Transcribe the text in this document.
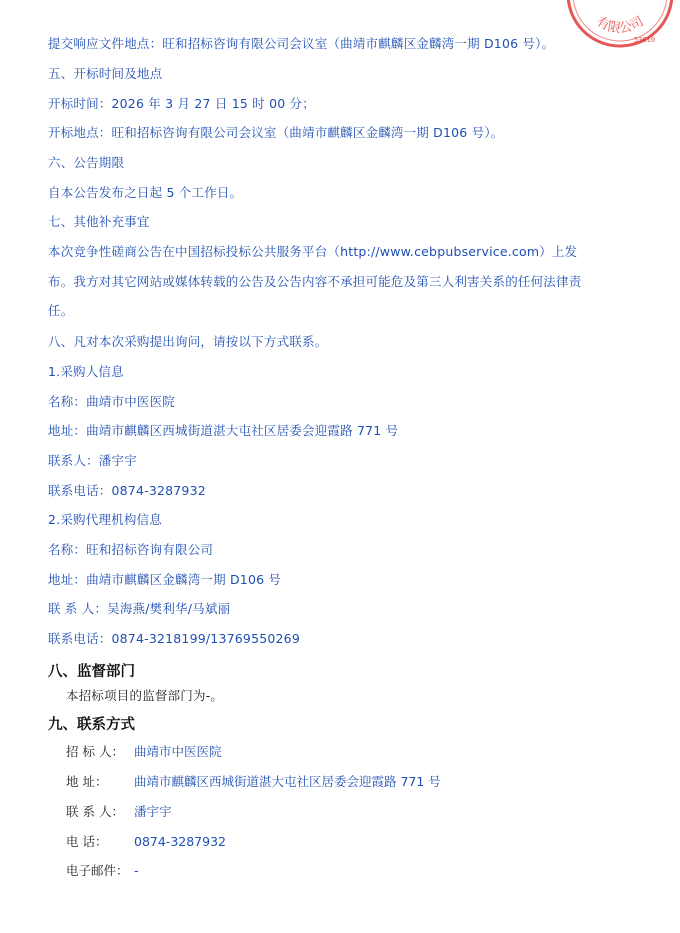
提交响应文件地点：旺和招标咨询有限公司会议室（曲靖市麒麟区金麟湾一期 D106 号）。
五、开标时间及地点
开标时间：2026 年 3 月 27 日 15 时 00 分；
开标地点：旺和招标咨询有限公司会议室（曲靖市麒麟区金麟湾一期 D106 号）。
六、公告期限
自本公告发布之日起 5 个工作日。
七、其他补充事宜
本次竞争性磋商公告在中国招标投标公共服务平台（http://www.cebpubservice.com）上发布。我方对其它网站或媒体转载的公告及公告内容不承担可能危及第三人利害关系的任何法律责任。
八、凡对本次采购提出询问，请按以下方式联系。
1.采购人信息
名称：曲靖市中医医院
地址：曲靖市麒麟区西城街道湛大屯社区居委会迎霞路 771 号
联系人：潘宇宇
联系电话：0874-3287932
2.采购代理机构信息
名称：旺和招标咨询有限公司
地址：曲靖市麒麟区金麟湾一期 D106 号
联 系 人：吴海燕/樊利华/马斌丽
联系电话：0874-3218199/13769550269
八、监督部门
本招标项目的监督部门为-。
九、联系方式
招 标 人： 曲靖市中医医院
地 址： 曲靖市麒麟区西城街道湛大屯社区居委会迎霞路 771 号
联 系 人： 潘宇宇
电 话： 0874-3287932
电子邮件： -
有限公司
53010
